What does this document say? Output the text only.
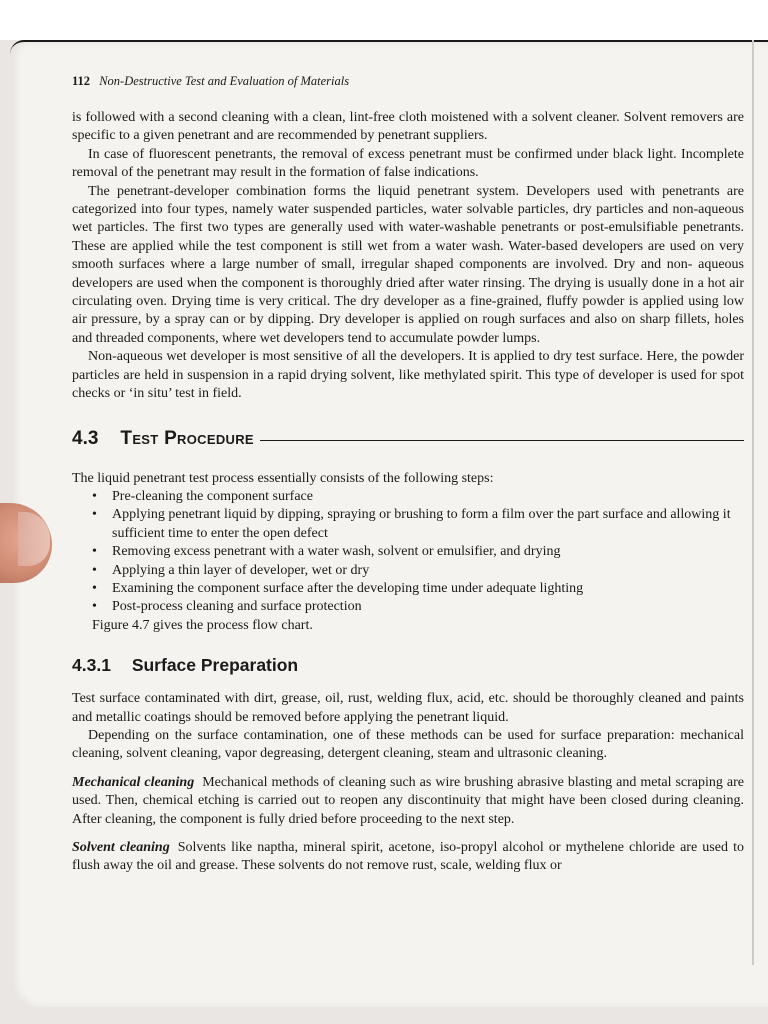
112 Non-Destructive Test and Evaluation of Materials

is followed with a second cleaning with a clean, lint-free cloth moistened with a solvent cleaner. Solvent removers are specific to a given penetrant and are recommended by penetrant suppliers.

In case of fluorescent penetrants, the removal of excess penetrant must be confirmed under black light. Incomplete removal of the penetrant may result in the formation of false indications.

The penetrant-developer combination forms the liquid penetrant system. Developers used with penetrants are categorized into four types, namely water suspended particles, water solvable particles, dry particles and non-aqueous wet particles. The first two types are generally used with water-washable penetrants or post-emulsifiable penetrants. These are applied while the test component is still wet from a water wash. Water-based developers are used on very smooth surfaces where a large number of small, irregular shaped components are involved. Dry and non- aqueous developers are used when the component is thoroughly dried after water rinsing. The drying is usually done in a hot air circulating oven. Drying time is very critical. The dry developer as a fine-grained, fluffy powder is applied using low air pressure, by a spray can or by dipping. Dry developer is applied on rough surfaces and also on sharp fillets, holes and threaded components, where wet developers tend to accumulate powder lumps.

Non-aqueous wet developer is most sensitive of all the developers. It is applied to dry test surface. Here, the powder particles are held in suspension in a rapid drying solvent, like methylated spirit. This type of developer is used for spot checks or ‘in situ’ test in field.

4.3 Test Procedure

The liquid penetrant test process essentially consists of the following steps:

• Pre-cleaning the component surface
• Applying penetrant liquid by dipping, spraying or brushing to form a film over the part surface and allowing it sufficient time to enter the open defect
• Removing excess penetrant with a water wash, solvent or emulsifier, and drying
• Applying a thin layer of developer, wet or dry
• Examining the component surface after the developing time under adequate lighting
• Post-process cleaning and surface protection

Figure 4.7 gives the process flow chart.

4.3.1 Surface Preparation

Test surface contaminated with dirt, grease, oil, rust, welding flux, acid, etc. should be thoroughly cleaned and paints and metallic coatings should be removed before applying the penetrant liquid.

Depending on the surface contamination, one of these methods can be used for surface preparation: mechanical cleaning, solvent cleaning, vapor degreasing, detergent cleaning, steam and ultrasonic cleaning.

Mechanical cleaning Mechanical methods of cleaning such as wire brushing abrasive blasting and metal scraping are used. Then, chemical etching is carried out to reopen any discontinuity that might have been closed during cleaning. After cleaning, the component is fully dried before proceeding to the next step.

Solvent cleaning Solvents like naptha, mineral spirit, acetone, iso-propyl alcohol or mythelene chloride are used to flush away the oil and grease. These solvents do not remove rust, scale, welding flux or
